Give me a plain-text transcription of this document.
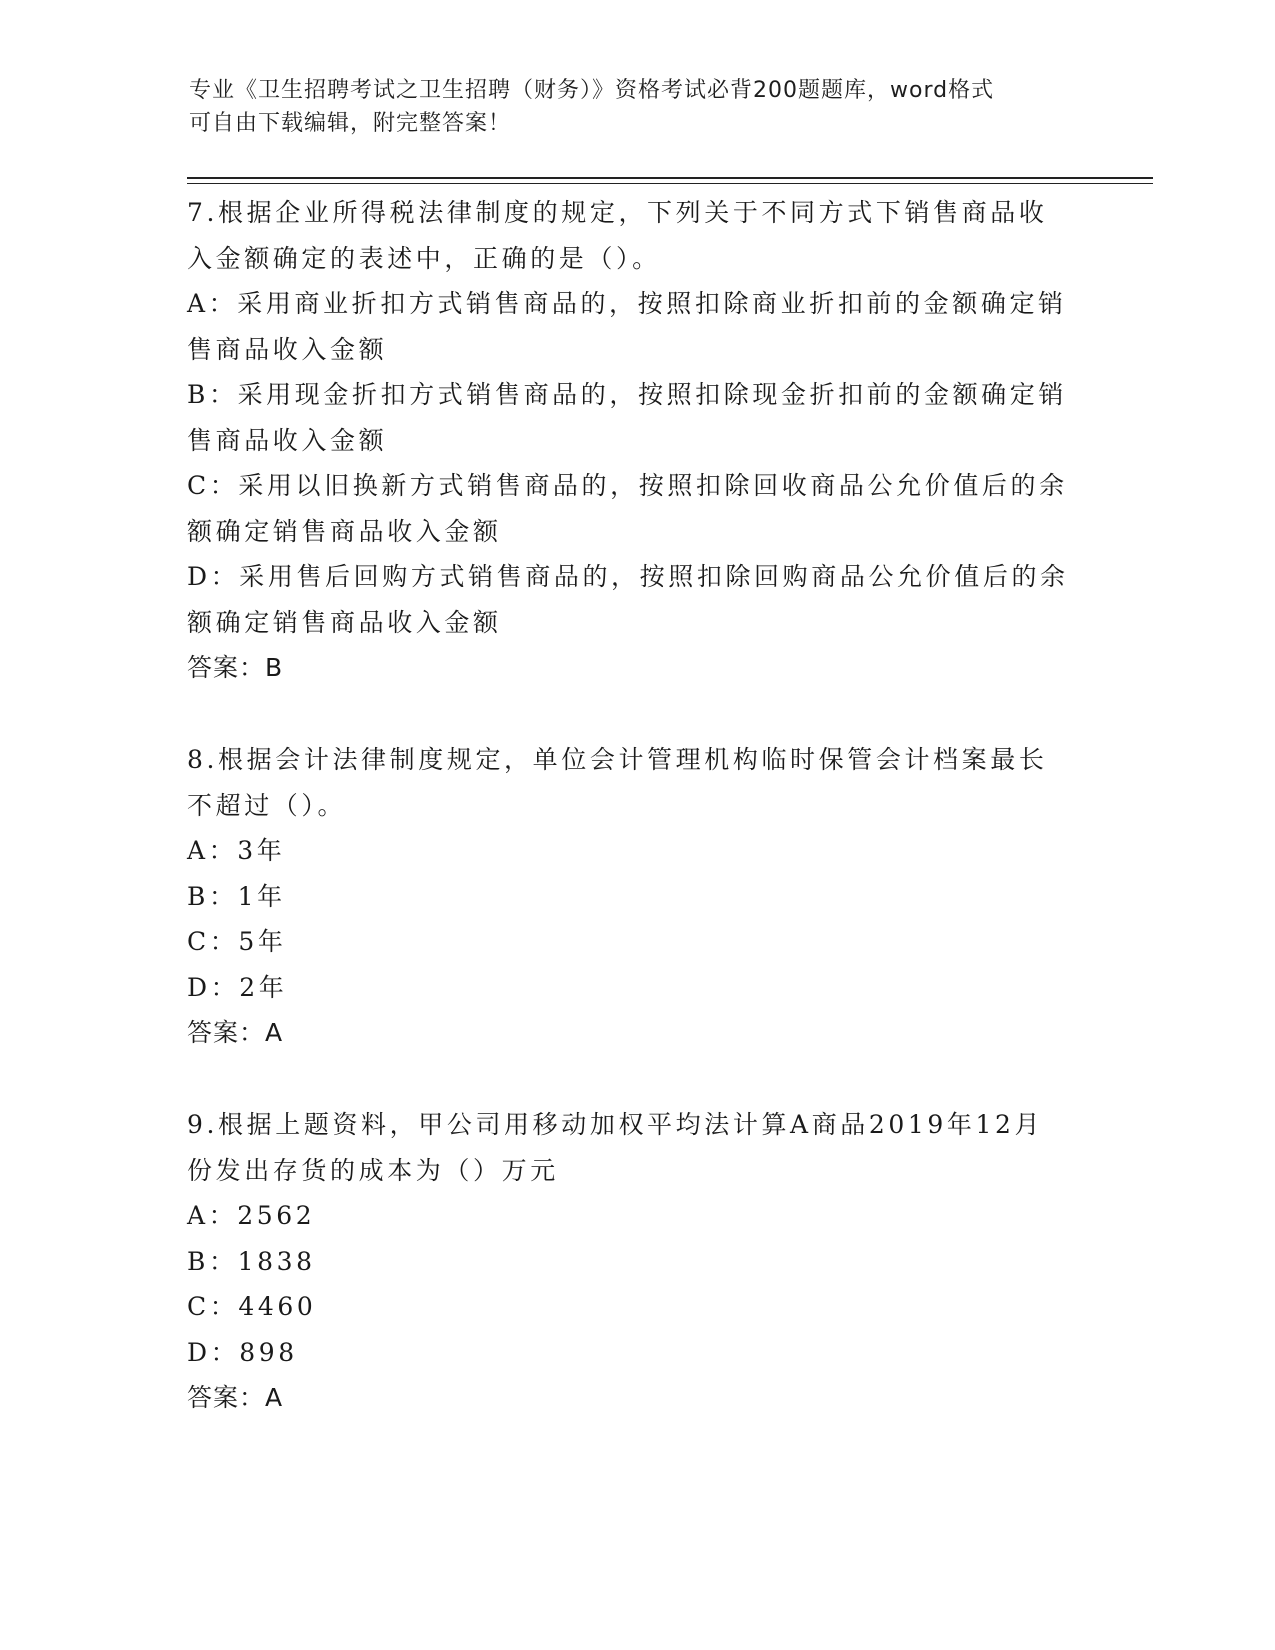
专业《卫生招聘考试之卫生招聘（财务）》资格考试必背200题题库，word格式
可自由下载编辑，附完整答案！
7.根据企业所得税法律制度的规定，下列关于不同方式下销售商品收
入金额确定的表述中，正确的是（）。
A：采用商业折扣方式销售商品的，按照扣除商业折扣前的金额确定销
售商品收入金额
B：采用现金折扣方式销售商品的，按照扣除现金折扣前的金额确定销
售商品收入金额
C：采用以旧换新方式销售商品的，按照扣除回收商品公允价值后的余
额确定销售商品收入金额
D：采用售后回购方式销售商品的，按照扣除回购商品公允价值后的余
额确定销售商品收入金额
答案：B
8.根据会计法律制度规定，单位会计管理机构临时保管会计档案最长
不超过（）。
A：3年
B：1年
C：5年
D：2年
答案：A
9.根据上题资料，甲公司用移动加权平均法计算A商品2019年12月
份发出存货的成本为（）万元
A：2562
B：1838
C：4460
D：898
答案：A
